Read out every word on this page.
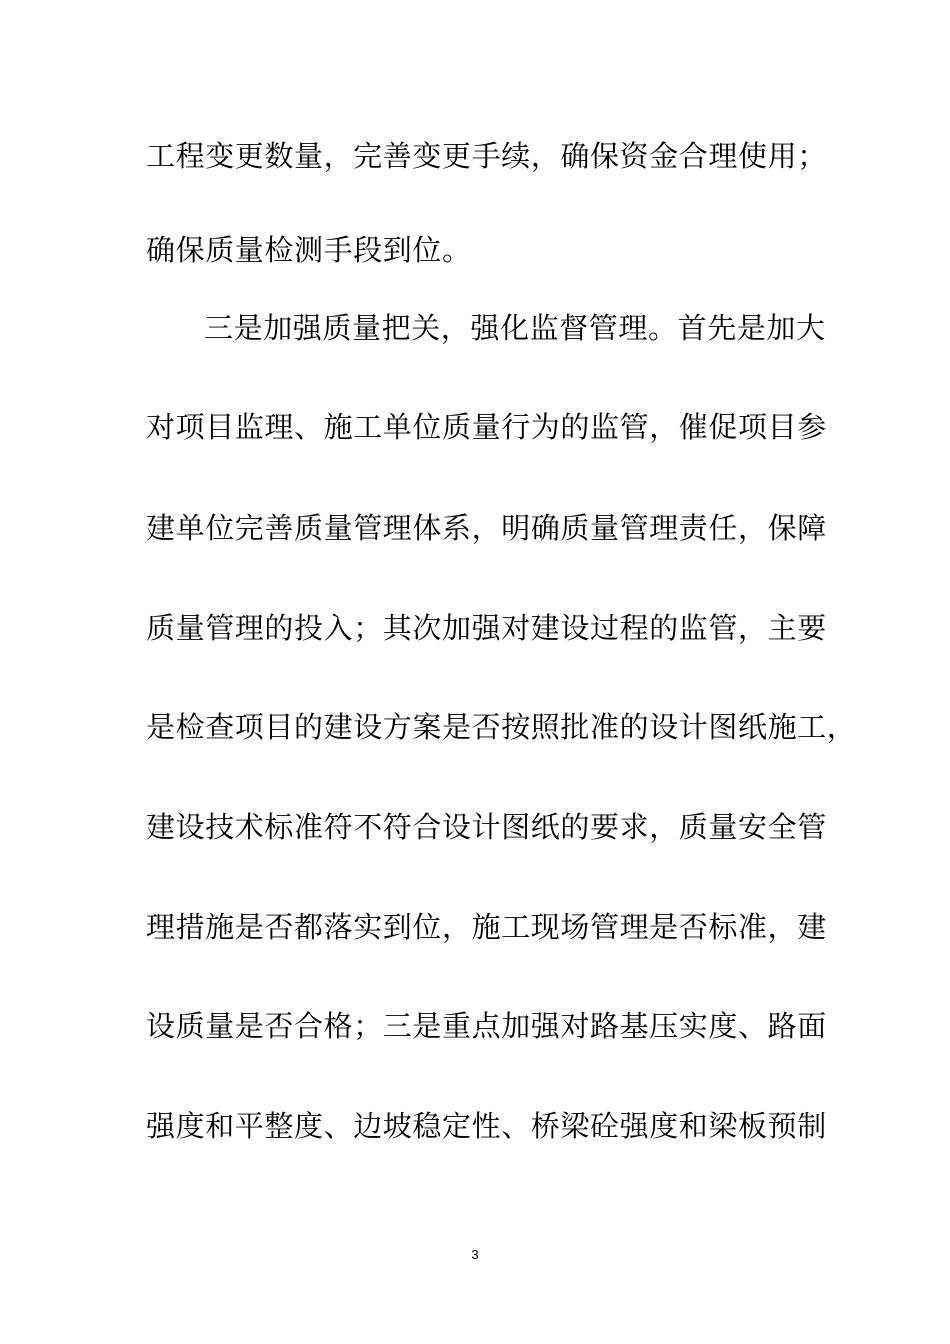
工程变更数量，完善变更手续，确保资金合理使用；
确保质量检测手段到位。
三是加强质量把关，强化监督管理。首先是加大
对项目监理、施工单位质量行为的监管，催促项目参
建单位完善质量管理体系，明确质量管理责任，保障
质量管理的投入；其次加强对建设过程的监管，主要
是检查项目的建设方案是否按照批准的设计图纸施工，
建设技术标准符不符合设计图纸的要求，质量安全管
理措施是否都落实到位，施工现场管理是否标准，建
设质量是否合格；三是重点加强对路基压实度、路面
强度和平整度、边坡稳定性、桥梁砼强度和梁板预制
3
